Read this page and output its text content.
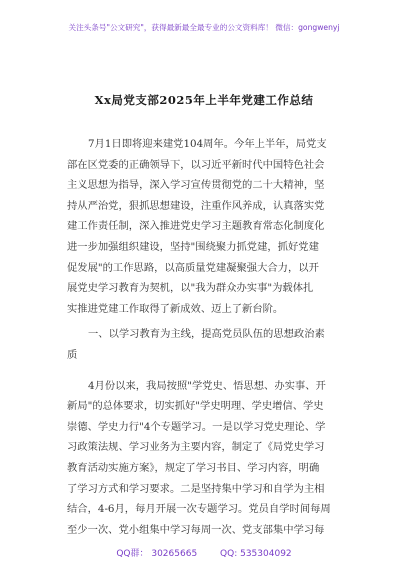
关注头条号"公文研究"，获得最新最全最专业的公文资料库！ 微信：gongwenyj
Xx局党支部2025年上半年党建工作总结

7月1日即将迎来建党104周年。今年上半年，局党支

部在区党委的正确领导下，以习近平新时代中国特色社会

主义思想为指导，深入学习宣传贯彻党的二十大精神，坚

持从严治党，狠抓思想建设，注重作风养成，认真落实党

建工作责任制，深入推进党史学习主题教育常态化制度化

进一步加强组织建设，坚持"围绕聚力抓党建，抓好党建

促发展"的工作思路，以高质量党建凝聚强大合力，以开

展党史学习教育为契机，以"我为群众办实事"为载体扎

实推进党建工作取得了新成效、迈上了新台阶。

一、以学习教育为主线，提高党员队伍的思想政治素

质

4月份以来，我局按照"学党史、悟思想、办实事、开

新局"的总体要求，切实抓好"学史明理、学史增信、学史

崇德、学史力行"4个专题学习。一是以学习党史理论、学

习政策法规、学习业务为主要内容，制定了《局党史学习

教育活动实施方案》，规定了学习书目、学习内容，明确

了学习方式和学习要求。二是坚持集中学习和自学为主相

结合，4-6月，每月开展一次专题学习。党员自学时间每周

至少一次、党小组集中学习每周一次、党支部集中学习每

QQ群： 30265665	QQ: 535304092
